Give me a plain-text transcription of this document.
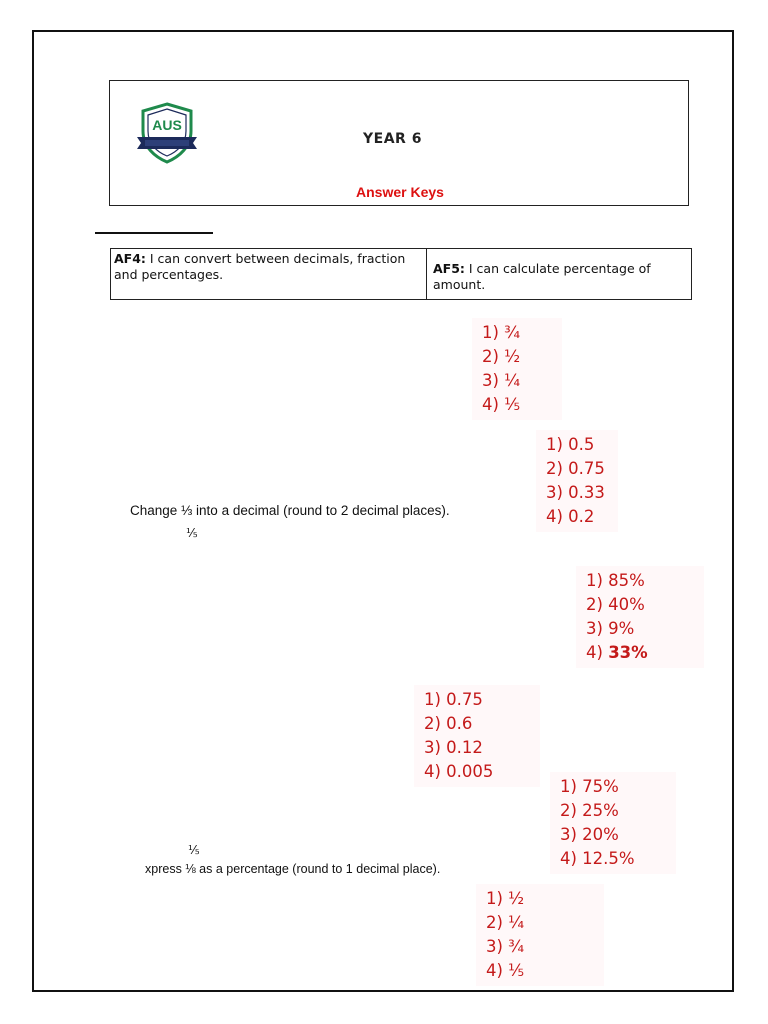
AUS
YEAR 6
Answer Keys
AF4: I can convert between decimals, fraction and percentages.	AF5: I can calculate percentage of amount.
1) ¾
2) ½
3) ¼
4) ⅕
1) 0.5
2) 0.75
3) 0.33
4) 0.2
Change ⅓ into a decimal (round to 2 decimal places).
⅕
1) 85%
2) 40%
3) 9%
4) 33%
1) 0.75
2) 0.6
3) 0.12
4) 0.005
1) 75%
2) 25%
3) 20%
4) 12.5%
⅕
xpress ⅛ as a percentage (round to 1 decimal place).
1) ½
2) ¼
3) ¾
4) ⅕
